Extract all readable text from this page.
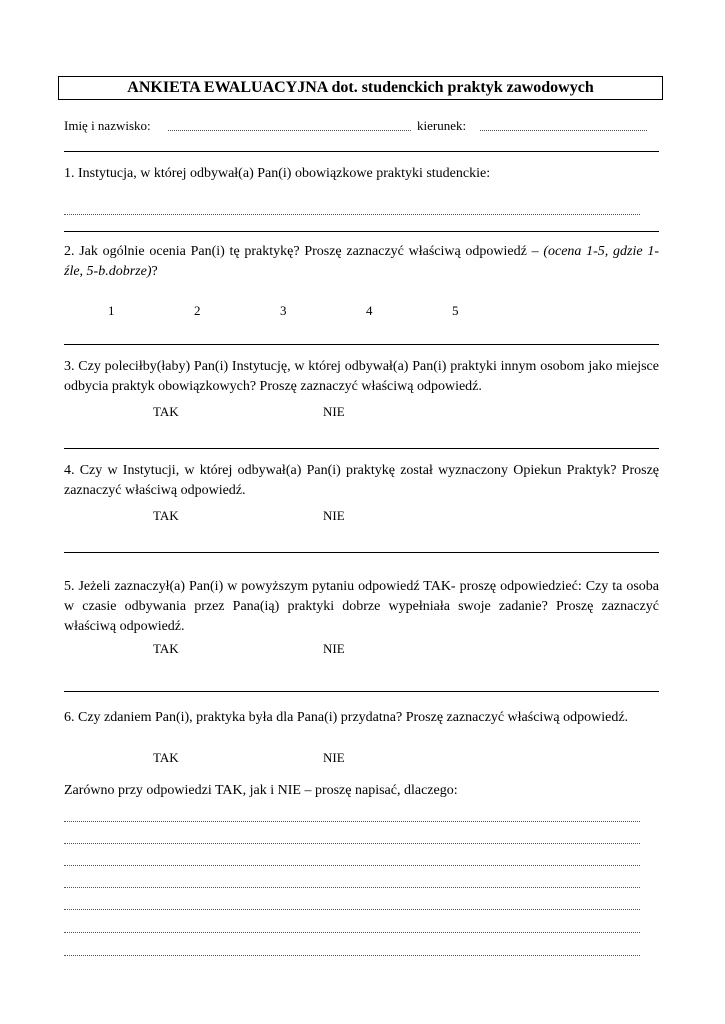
ANKIETA EWALUACYJNA dot. studenckich praktyk zawodowych
Imię i nazwisko:	kierunek:
1. Instytucja, w której odbywał(a) Pan(i) obowiązkowe praktyki studenckie:
2. Jak ogólnie ocenia Pan(i) tę praktykę? Proszę zaznaczyć właściwą odpowiedź – (ocena 1-5, gdzie 1-źle, 5-b.dobrze)?
1	2	3	4	5
3. Czy poleciłby(łaby) Pan(i) Instytucję, w której odbywał(a) Pan(i) praktyki innym osobom jako miejsce odbycia praktyk obowiązkowych? Proszę zaznaczyć właściwą odpowiedź.
TAK	NIE
4. Czy w Instytucji, w której odbywał(a) Pan(i) praktykę został wyznaczony Opiekun Praktyk? Proszę zaznaczyć właściwą odpowiedź.
TAK	NIE
5. Jeżeli zaznaczył(a) Pan(i) w powyższym pytaniu odpowiedź TAK- proszę odpowiedzieć: Czy ta osoba w czasie odbywania przez Pana(ią) praktyki dobrze wypełniała swoje zadanie? Proszę zaznaczyć właściwą odpowiedź.
TAK	NIE
6. Czy zdaniem Pan(i), praktyka była dla Pana(i) przydatna? Proszę zaznaczyć właściwą odpowiedź.
TAK	NIE
Zarówno przy odpowiedzi TAK, jak i NIE – proszę napisać, dlaczego:
